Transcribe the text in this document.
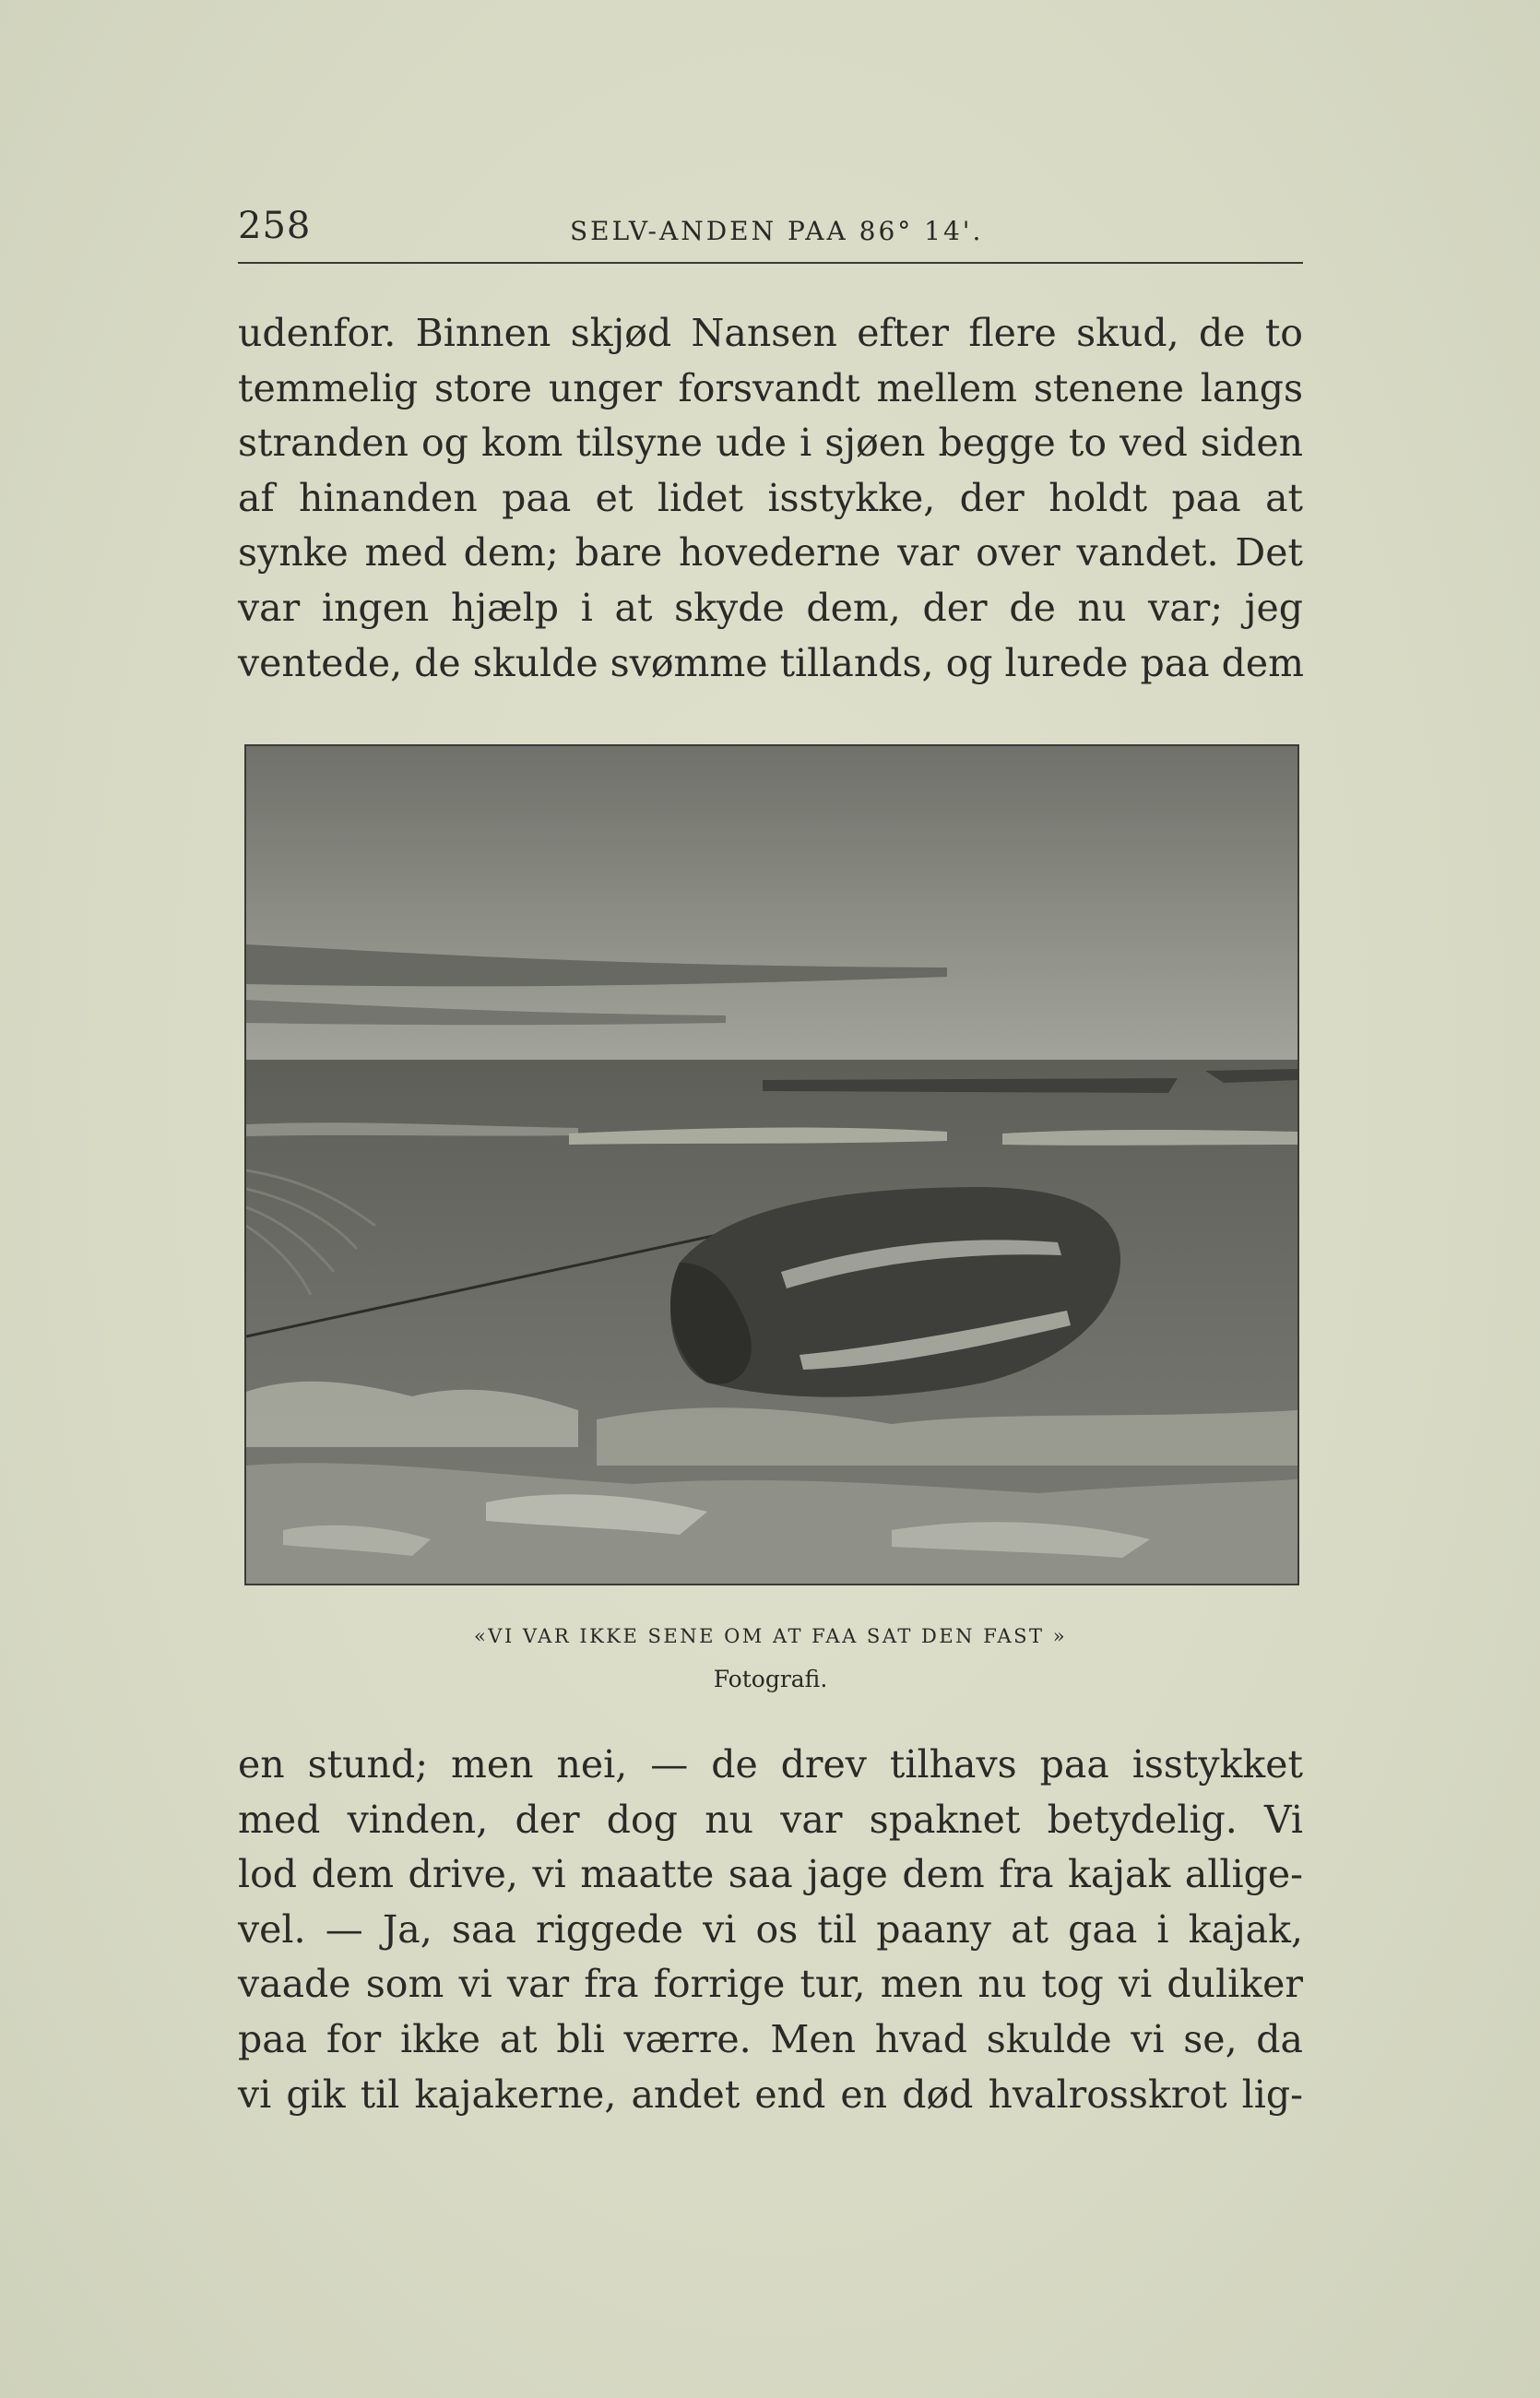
258	SELV-ANDEN PAA 86° 14'.

udenfor. Binnen skjød Nansen efter flere skud, de to
temmelig store unger forsvandt mellem stenene langs
stranden og kom tilsyne ude i sjøen begge to ved siden
af hinanden paa et lidet isstykke, der holdt paa at
synke med dem; bare hovederne var over vandet. Det
var ingen hjælp i at skyde dem, der de nu var; jeg
ventede, de skulde svømme tillands, og lurede paa dem

«VI VAR IKKE SENE OM AT FAA SAT DEN FAST »
Fotografi.

en stund; men nei, — de drev tilhavs paa isstykket
med vinden, der dog nu var spaknet betydelig. Vi
lod dem drive, vi maatte saa jage dem fra kajak allige-
vel. — Ja, saa riggede vi os til paany at gaa i kajak,
vaade som vi var fra forrige tur, men nu tog vi duliker
paa for ikke at bli værre. Men hvad skulde vi se, da
vi gik til kajakerne, andet end en død hvalrosskrot lig-
